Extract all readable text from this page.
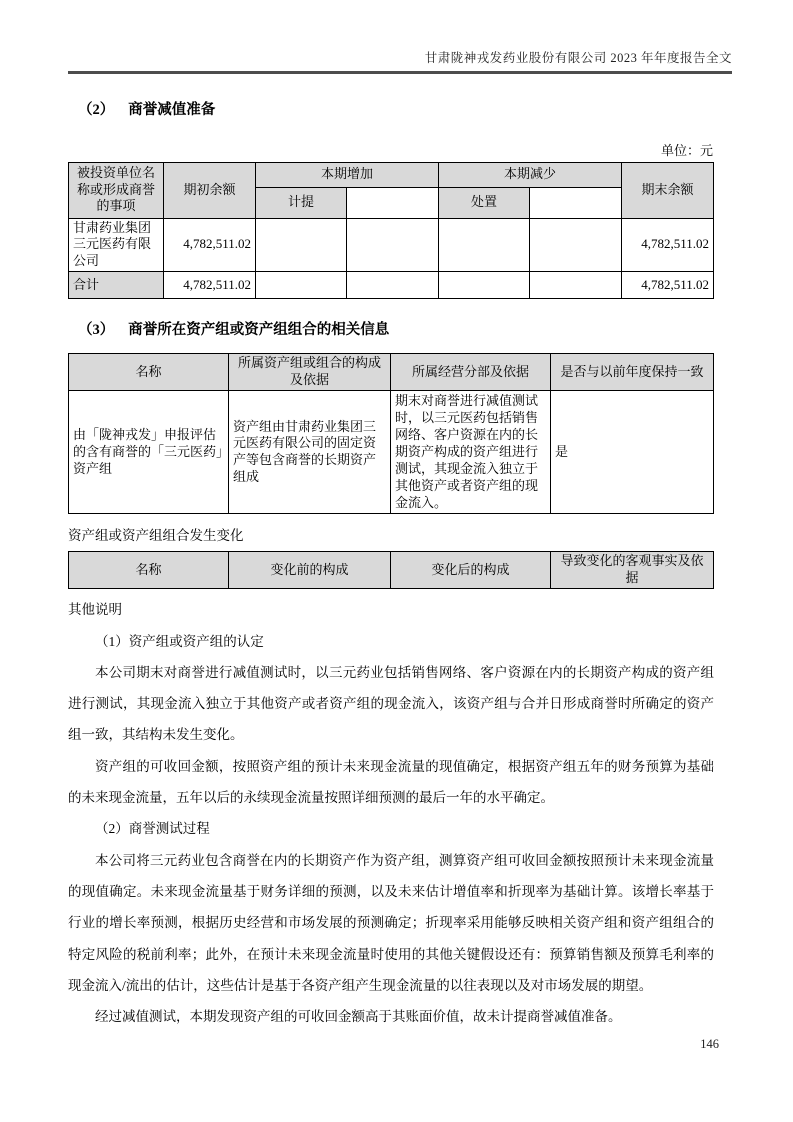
甘肃陇神戎发药业股份有限公司 2023 年年度报告全文
（2） 商誉减值准备
单位：元
被投资单位名称或形成商誉的事项	期初余额	本期增加		本期减少		期末余额
		计提		处置		
甘肃药业集团三元医药有限公司	4,782,511.02					4,782,511.02
合计	4,782,511.02					4,782,511.02
（3） 商誉所在资产组或资产组组合的相关信息
名称	所属资产组或组合的构成及依据	所属经营分部及依据	是否与以前年度保持一致
由「陇神戎发」申报评估的含有商誉的「三元医药」资产组	资产组由甘肃药业集团三元医药有限公司的固定资产等包含商誉的长期资产组成	期末对商誉进行减值测试时，以三元医药包括销售网络、客户资源在内的长期资产构成的资产组进行测试，其现金流入独立于其他资产或者资产组的现金流入。	是
资产组或资产组组合发生变化
名称	变化前的构成	变化后的构成	导致变化的客观事实及依据

其他说明

（1）资产组或资产组的认定

本公司期末对商誉进行减值测试时，以三元药业包括销售网络、客户资源在内的长期资产构成的资产组进行测试，其现金流入独立于其他资产或者资产组的现金流入，该资产组与合并日形成商誉时所确定的资产组一致，其结构未发生变化。

资产组的可收回金额，按照资产组的预计未来现金流量的现值确定，根据资产组五年的财务预算为基础的未来现金流量，五年以后的永续现金流量按照详细预测的最后一年的水平确定。

（2）商誉测试过程

本公司将三元药业包含商誉在内的长期资产作为资产组，测算资产组可收回金额按照预计未来现金流量的现值确定。未来现金流量基于财务详细的预测，以及未来估计增值率和折现率为基础计算。该增长率基于行业的增长率预测，根据历史经营和市场发展的预测确定；折现率采用能够反映相关资产组和资产组组合的特定风险的税前利率；此外，在预计未来现金流量时使用的其他关键假设还有：预算销售额及预算毛利率的现金流入/流出的估计，这些估计是基于各资产组产生现金流量的以往表现以及对市场发展的期望。

经过减值测试，本期发现资产组的可收回金额高于其账面价值，故未计提商誉减值准备。

146
